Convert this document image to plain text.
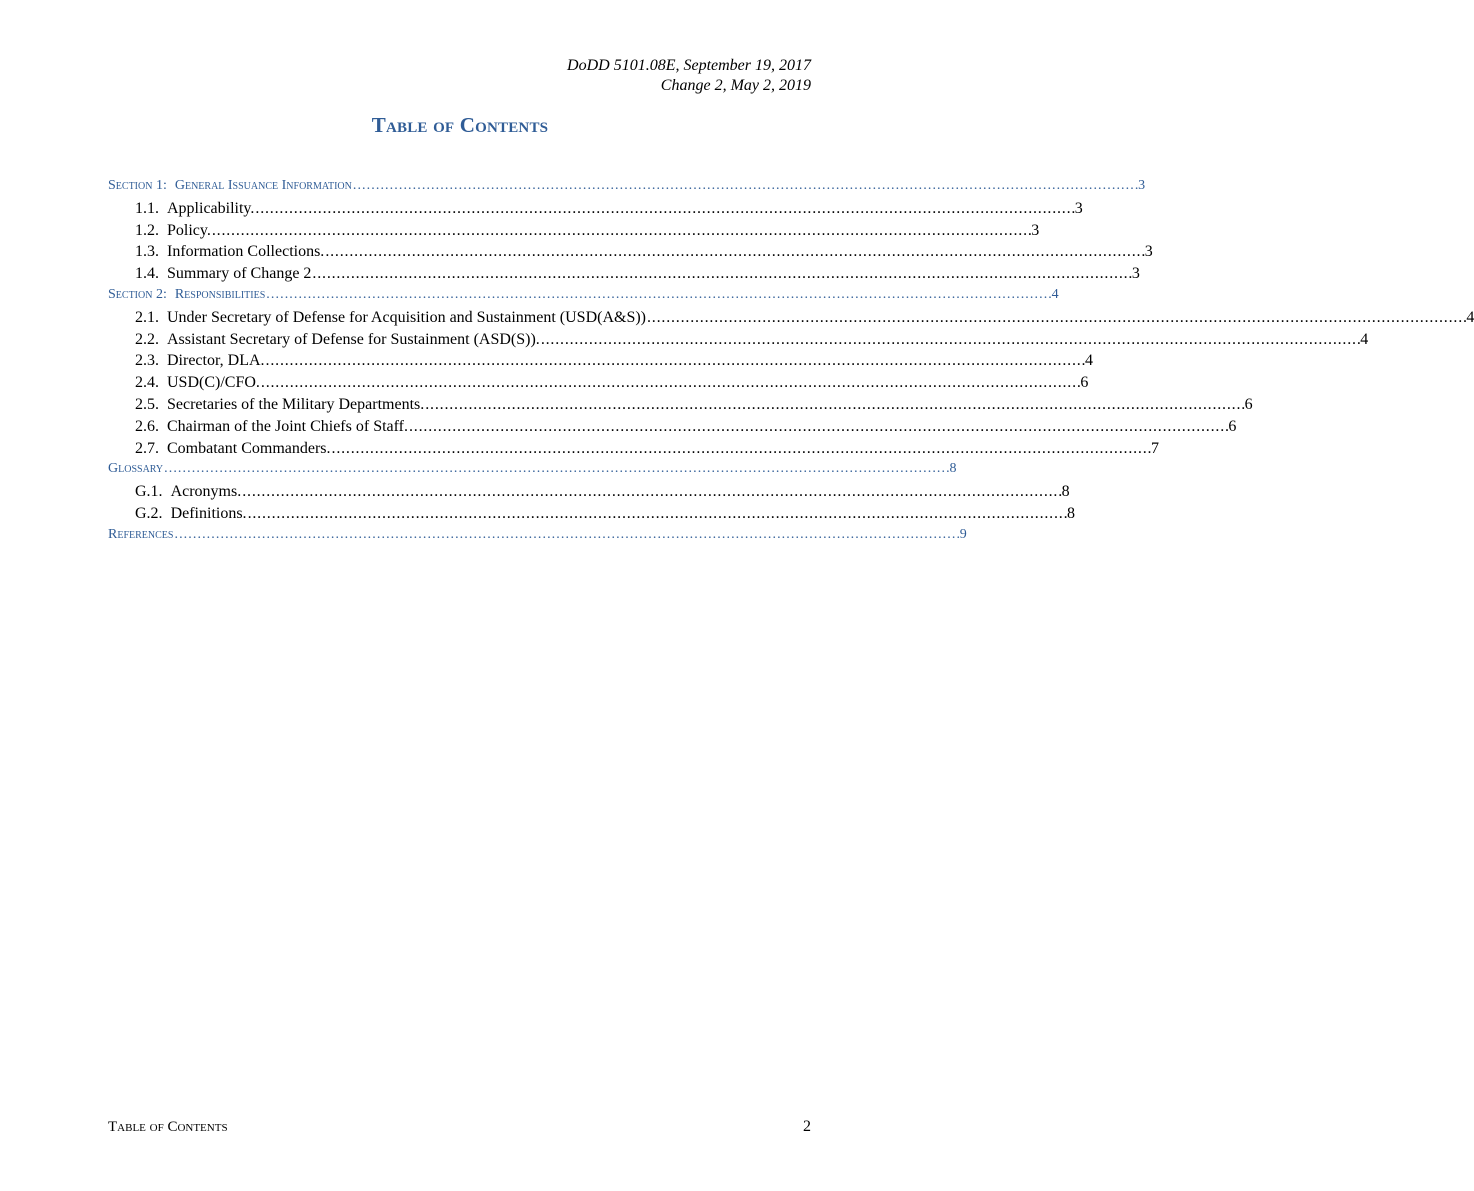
DoDD 5101.08E, September 19, 2017
Change 2, May 2, 2019
Table of Contents
Section 1: General Issuance Information . . .	3
1.1. Applicability. . . .	3
1.2. Policy. . . .	3
1.3. Information Collections. . . .	3
1.4. Summary of Change 2 . . .	3
Section 2: Responsibilities . . .	4
2.1. Under Secretary of Defense for Acquisition and Sustainment (USD(A&S)) . . .	4
2.2. Assistant Secretary of Defense for Sustainment (ASD(S)). . . .	4
2.3. Director, DLA. . . .	4
2.4. USD(C)/CFO. . . .	6
2.5. Secretaries of the Military Departments. . . .	6
2.6. Chairman of the Joint Chiefs of Staff. . . .	6
2.7. Combatant Commanders. . . .	7
Glossary . . .	8
G.1. Acronyms. . . .	8
G.2. Definitions. . . .	8
References . . .	9
Table of Contents	2
